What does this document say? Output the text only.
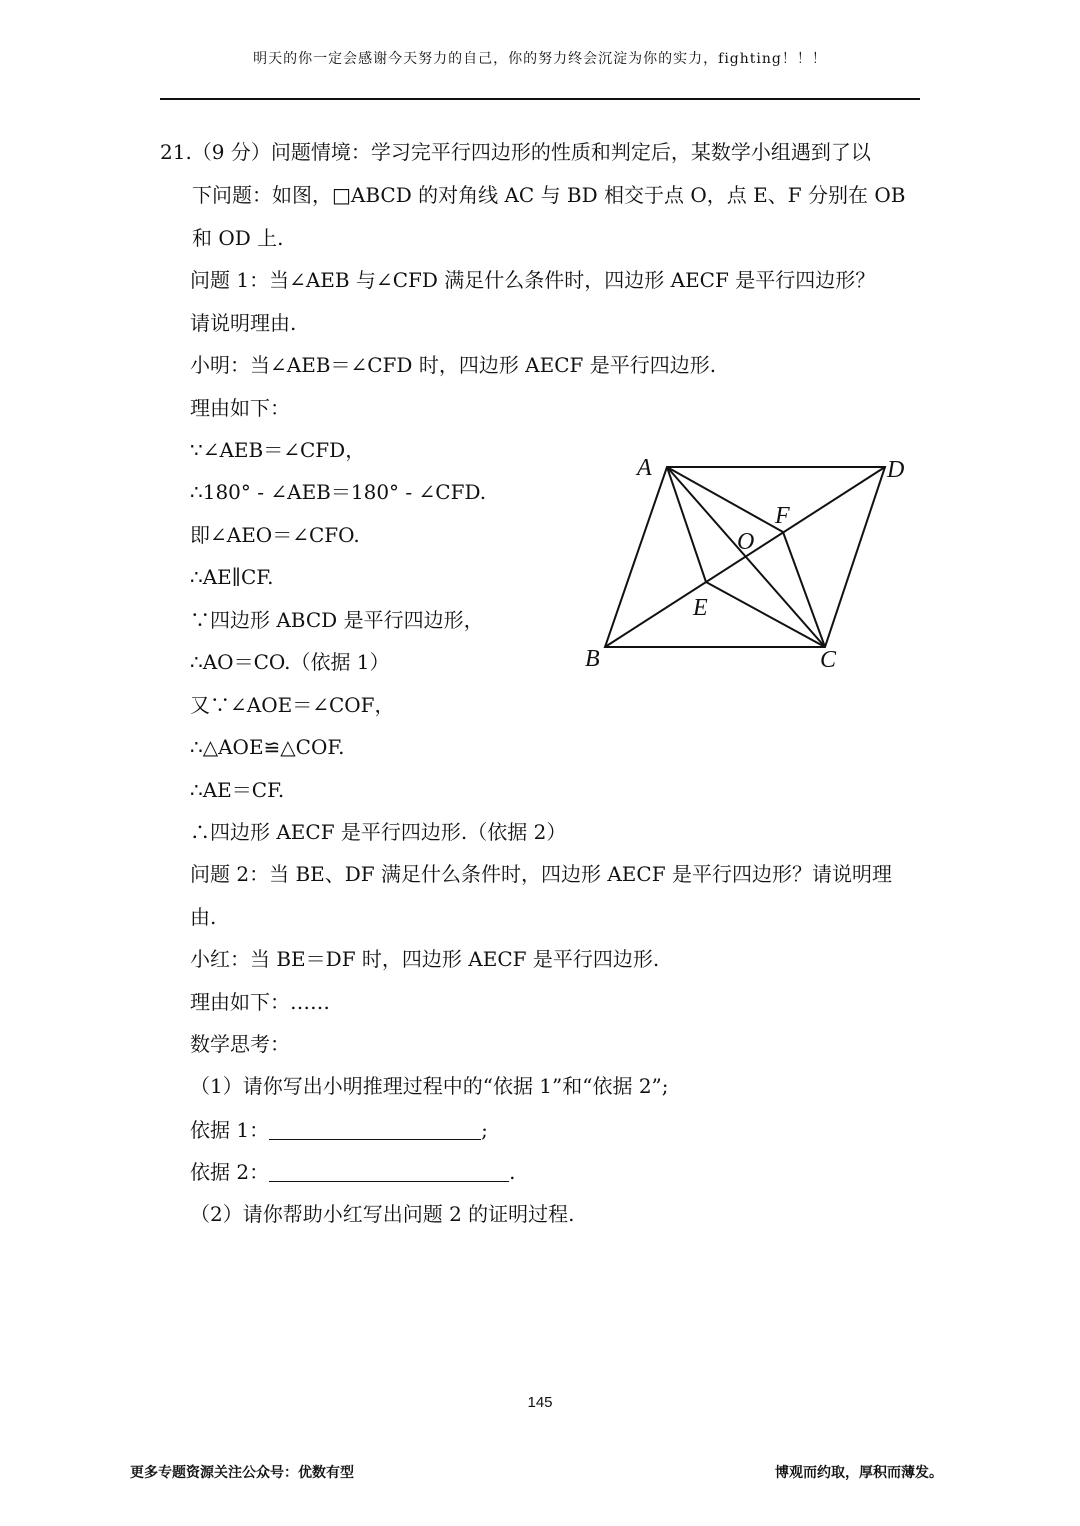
明天的你一定会感谢今天努力的自己，你的努力终会沉淀为你的实力，fighting！！！
21.（9 分）问题情境：学习完平行四边形的性质和判定后，某数学小组遇到了以
下问题：如图，□ABCD 的对角线 AC 与 BD 相交于点 O，点 E、F 分别在 OB
和 OD 上.
问题 1：当∠AEB 与∠CFD 满足什么条件时，四边形 AECF 是平行四边形？
请说明理由.
小明：当∠AEB＝∠CFD 时，四边形 AECF 是平行四边形.
理由如下：
∵∠AEB＝∠CFD，
∴180° - ∠AEB＝180° - ∠CFD.
即∠AEO＝∠CFO.
∴AE∥CF.
∵四边形 ABCD 是平行四边形，
∴AO＝CO.（依据 1）
又∵∠AOE＝∠COF，
∴△AOE≌△COF.
∴AE＝CF.
∴四边形 AECF 是平行四边形.（依据 2）
问题 2：当 BE、DF 满足什么条件时，四边形 AECF 是平行四边形？请说明理
由.
小红：当 BE＝DF 时，四边形 AECF 是平行四边形.
理由如下：……
数学思考：
（1）请你写出小明推理过程中的“依据 1”和“依据 2”;
依据 1：	;
依据 2：	.
（2）请你帮助小红写出问题 2 的证明过程.
A	D
F
O
E
B	C
145
更多专题资源关注公众号：优数有型	博观而约取，厚积而薄发。
